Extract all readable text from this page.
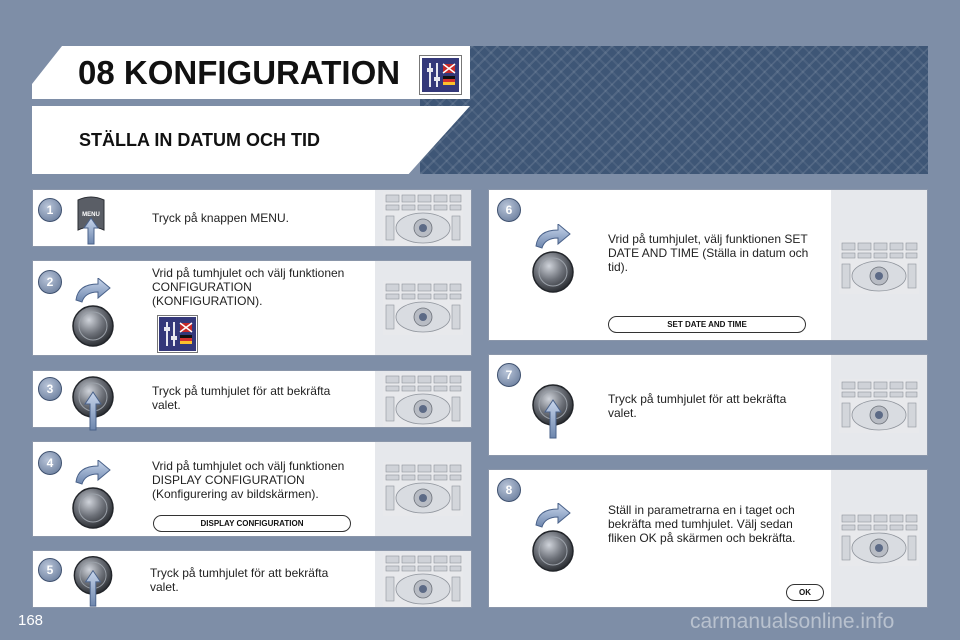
08 KONFIGURATION
STÄLLA IN DATUM OCH TID
1	MENU	Tryck på knappen MENU.
2
Vrid på tumhjulet och välj funktionen CONFIGURATION (KONFIGURATION).
3	Tryck på tumhjulet för att bekräfta valet.
4	Vrid på tumhjulet och välj funktionen DISPLAY CONFIGURATION (Konfigurering av bildskärmen).
DISPLAY CONFIGURATION
5	Tryck på tumhjulet för att bekräfta valet.
6
Vrid på tumhjulet, välj funktionen SET DATE AND TIME (Ställa in datum och tid).
SET DATE AND TIME
7
Tryck på tumhjulet för att bekräfta valet.
8
Ställ in parametrarna en i taget och bekräfta med tumhjulet. Välj sedan fliken OK på skärmen och bekräfta.
OK
168	carmanualsonline.info
